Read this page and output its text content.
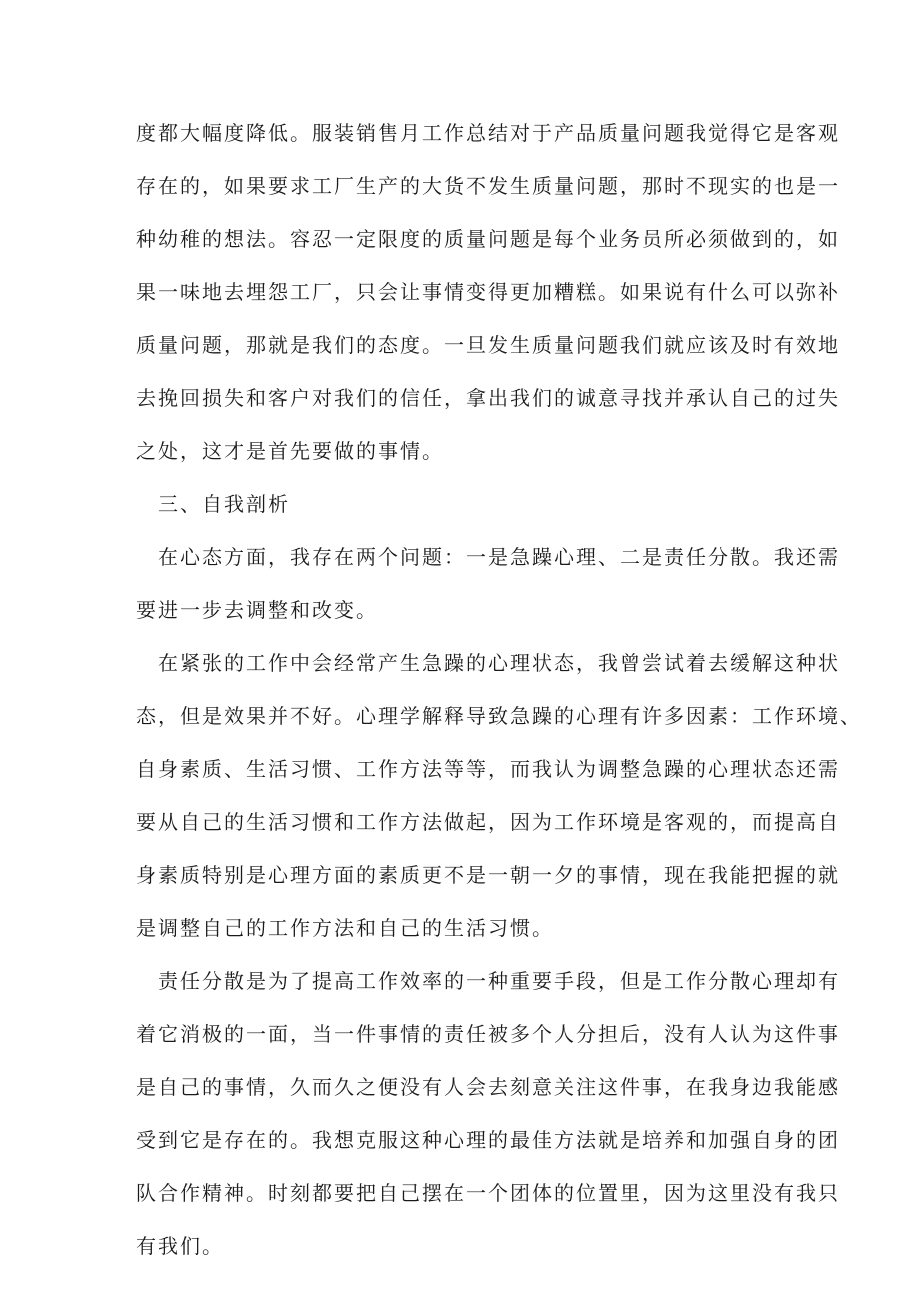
度都大幅度降低。服装销售月工作总结对于产品质量问题我觉得它是客观
存在的，如果要求工厂生产的大货不发生质量问题，那时不现实的也是一
种幼稚的想法。容忍一定限度的质量问题是每个业务员所必须做到的，如
果一味地去埋怨工厂，只会让事情变得更加糟糕。如果说有什么可以弥补
质量问题，那就是我们的态度。一旦发生质量问题我们就应该及时有效地
去挽回损失和客户对我们的信任，拿出我们的诚意寻找并承认自己的过失
之处，这才是首先要做的事情。
三、自我剖析
在心态方面，我存在两个问题：一是急躁心理、二是责任分散。我还需
要进一步去调整和改变。
在紧张的工作中会经常产生急躁的心理状态，我曾尝试着去缓解这种状
态，但是效果并不好。心理学解释导致急躁的心理有许多因素：工作环境、
自身素质、生活习惯、工作方法等等，而我认为调整急躁的心理状态还需
要从自己的生活习惯和工作方法做起，因为工作环境是客观的，而提高自
身素质特别是心理方面的素质更不是一朝一夕的事情，现在我能把握的就
是调整自己的工作方法和自己的生活习惯。
责任分散是为了提高工作效率的一种重要手段，但是工作分散心理却有
着它消极的一面，当一件事情的责任被多个人分担后，没有人认为这件事
是自己的事情，久而久之便没有人会去刻意关注这件事，在我身边我能感
受到它是存在的。我想克服这种心理的最佳方法就是培养和加强自身的团
队合作精神。时刻都要把自己摆在一个团体的位置里，因为这里没有我只
有我们。
